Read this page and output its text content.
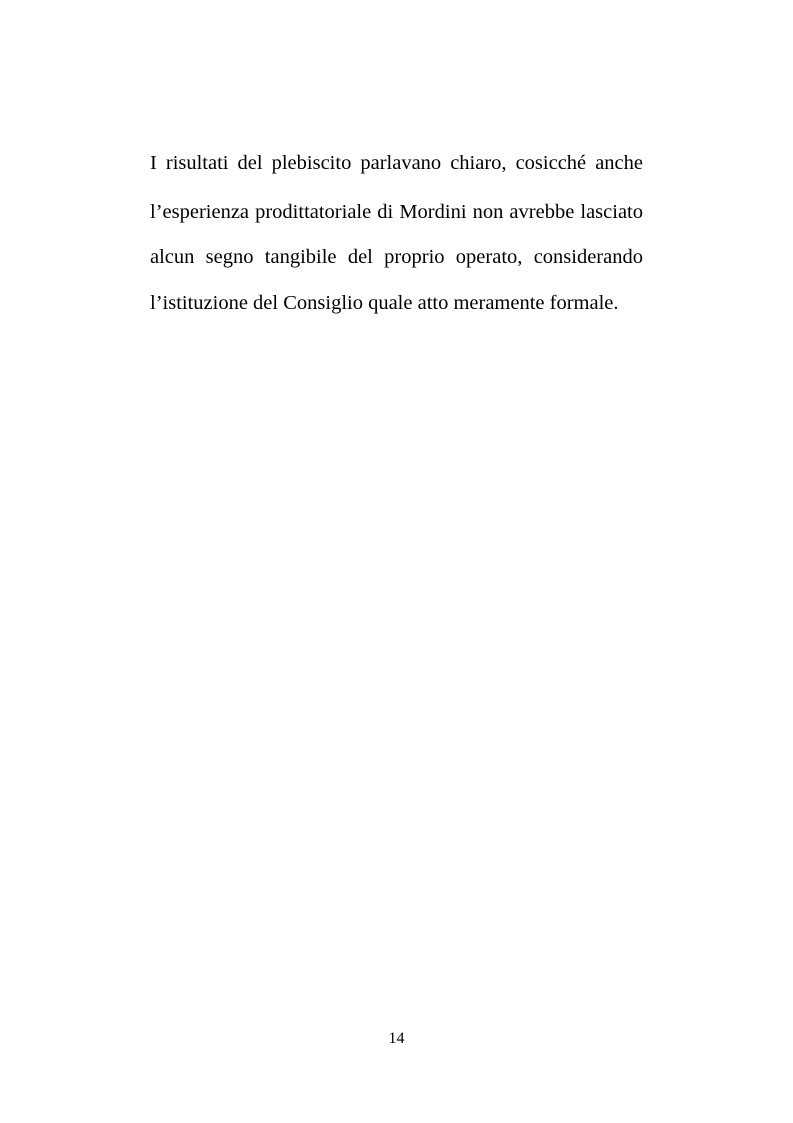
I risultati del plebiscito parlavano chiaro, cosicché anche
l’esperienza prodittatoriale di Mordini non avrebbe lasciato
alcun segno tangibile del proprio operato, considerando
l’istituzione del Consiglio quale atto meramente formale.
14
